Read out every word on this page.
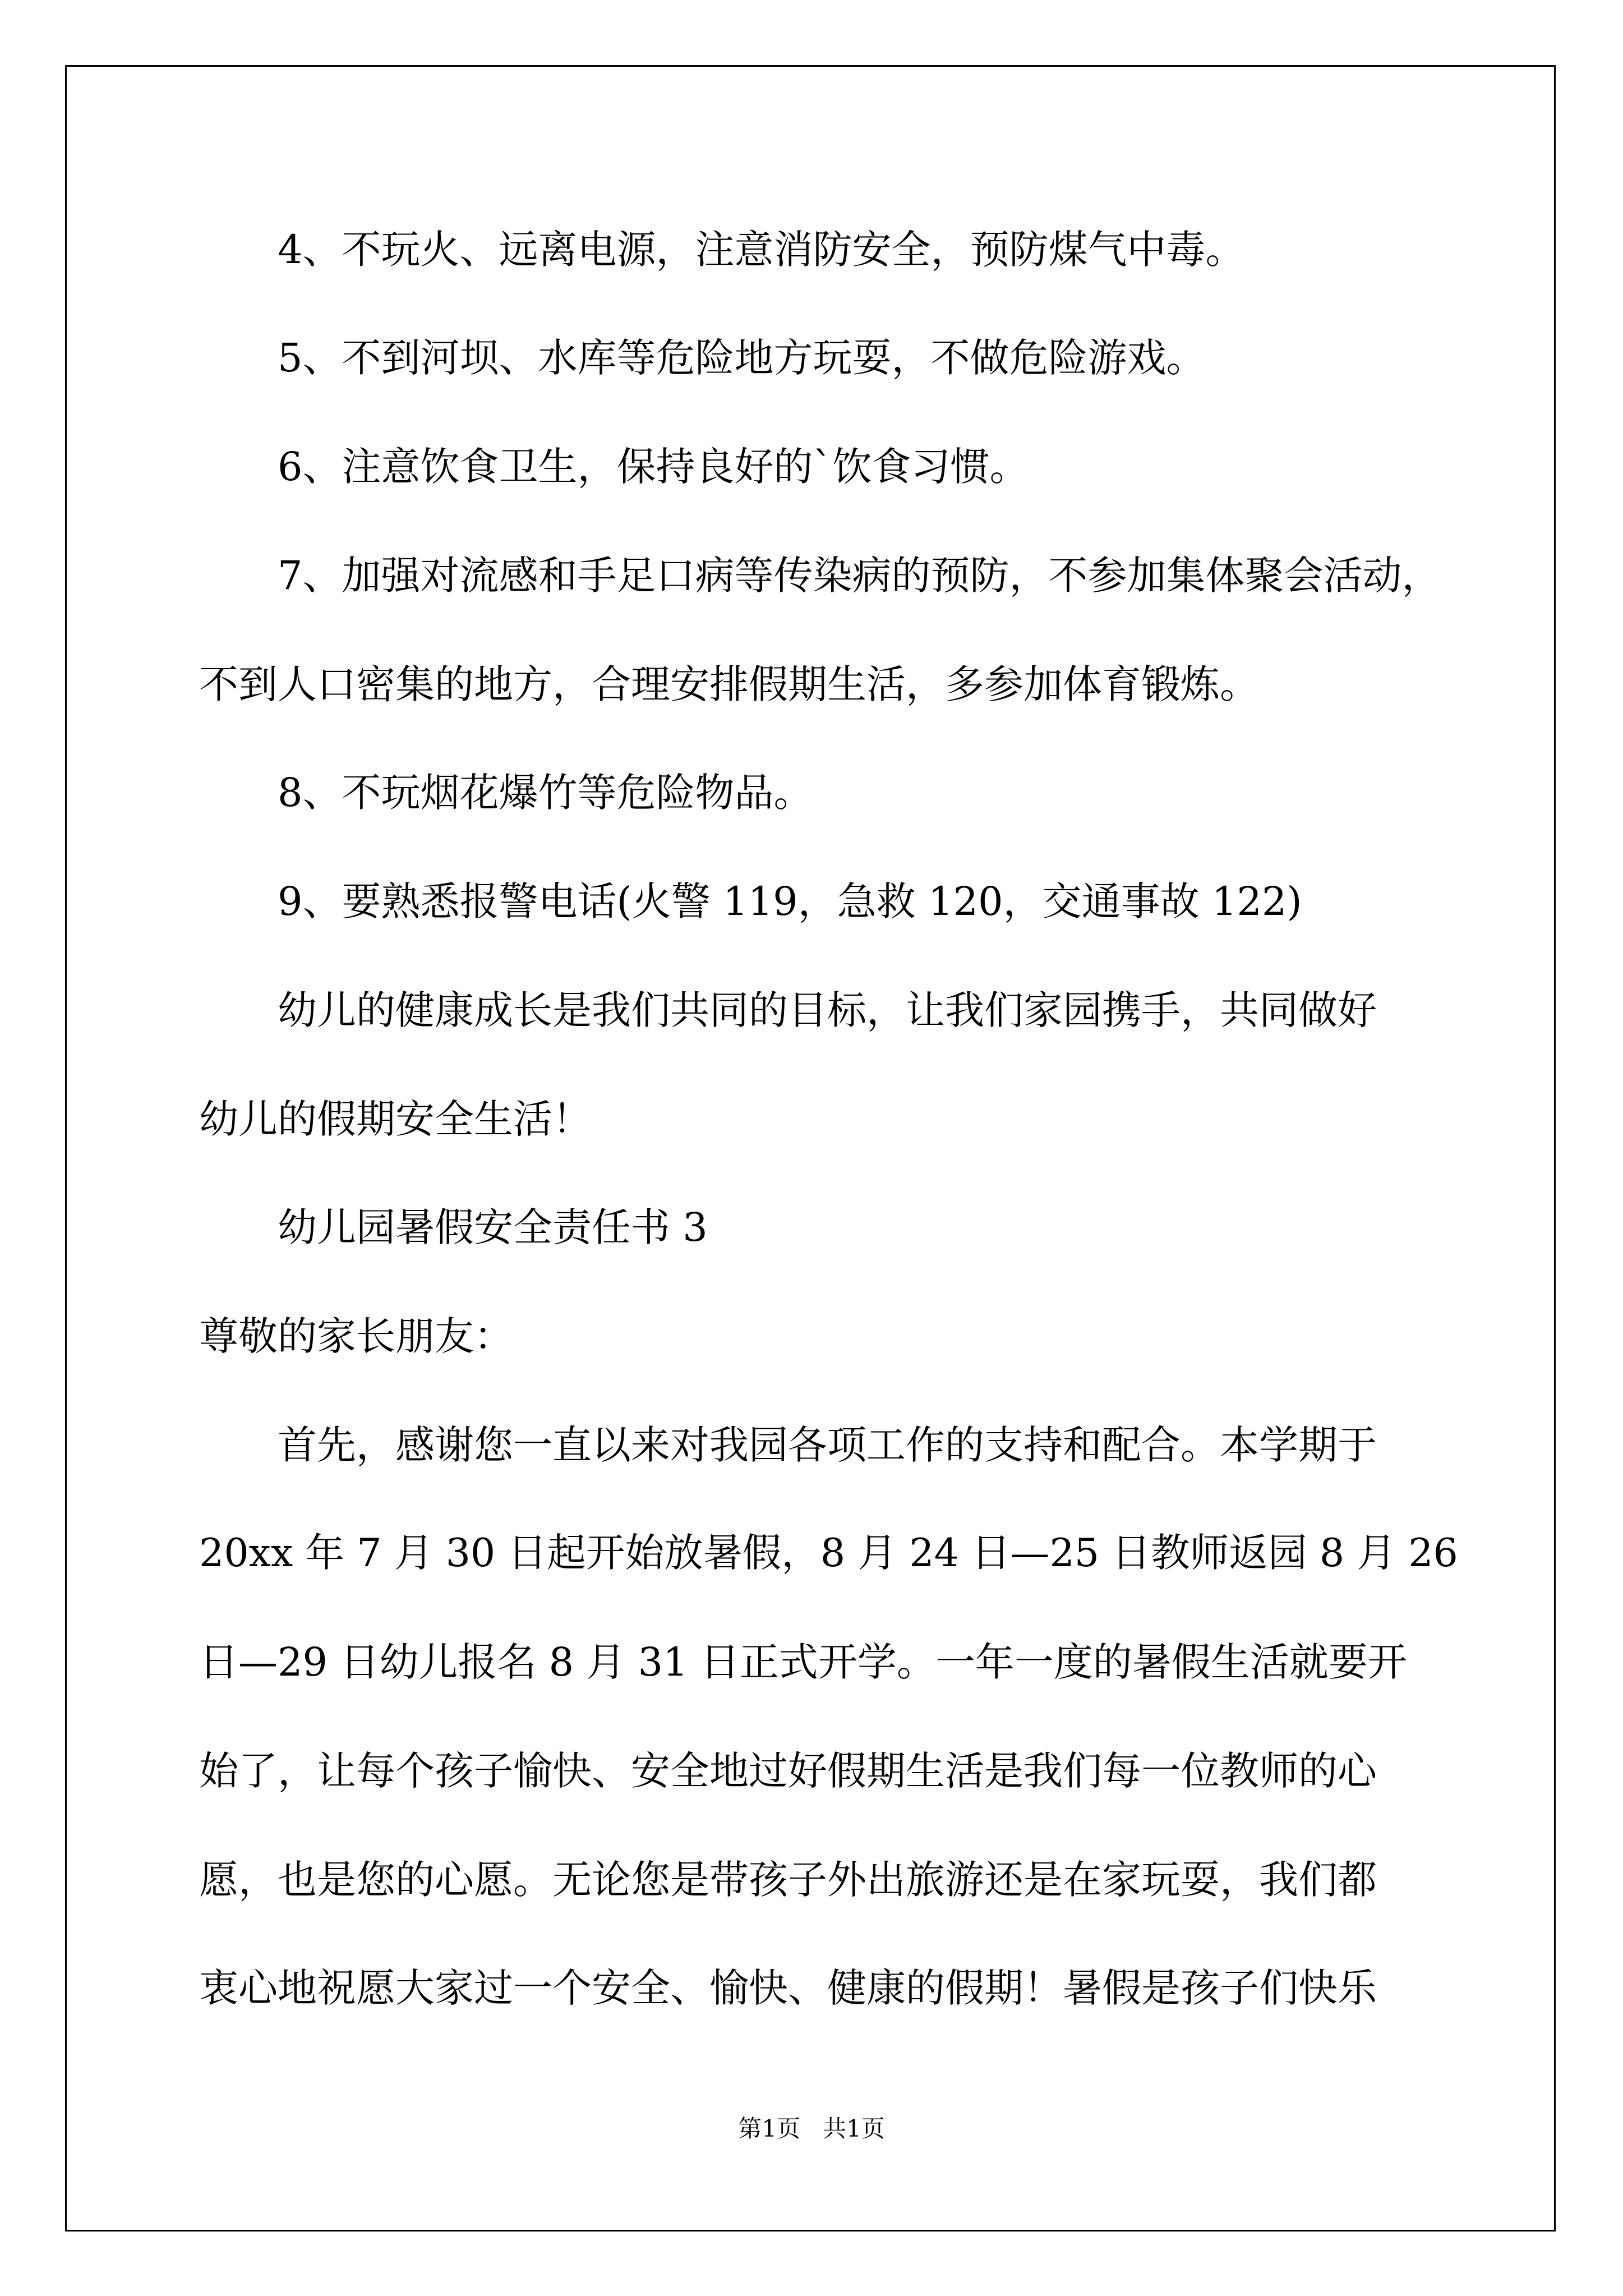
4、不玩火、远离电源，注意消防安全，预防煤气中毒。
5、不到河坝、水库等危险地方玩耍，不做危险游戏。
6、注意饮食卫生，保持良好的`饮食习惯。
7、加强对流感和手足口病等传染病的预防，不参加集体聚会活动，
不到人口密集的地方，合理安排假期生活，多参加体育锻炼。
8、不玩烟花爆竹等危险物品。
9、要熟悉报警电话(火警 119，急救 120，交通事故 122)
幼儿的健康成长是我们共同的目标，让我们家园携手，共同做好
幼儿的假期安全生活！
幼儿园暑假安全责任书 3
尊敬的家长朋友：
首先，感谢您一直以来对我园各项工作的支持和配合。本学期于
20xx 年 7 月 30 日起开始放暑假，8 月 24 日—25 日教师返园 8 月 26
日—29 日幼儿报名 8 月 31 日正式开学。一年一度的暑假生活就要开
始了，让每个孩子愉快、安全地过好假期生活是我们每一位教师的心
愿，也是您的心愿。无论您是带孩子外出旅游还是在家玩耍，我们都
衷心地祝愿大家过一个安全、愉快、健康的假期！暑假是孩子们快乐
第1页   共1页
